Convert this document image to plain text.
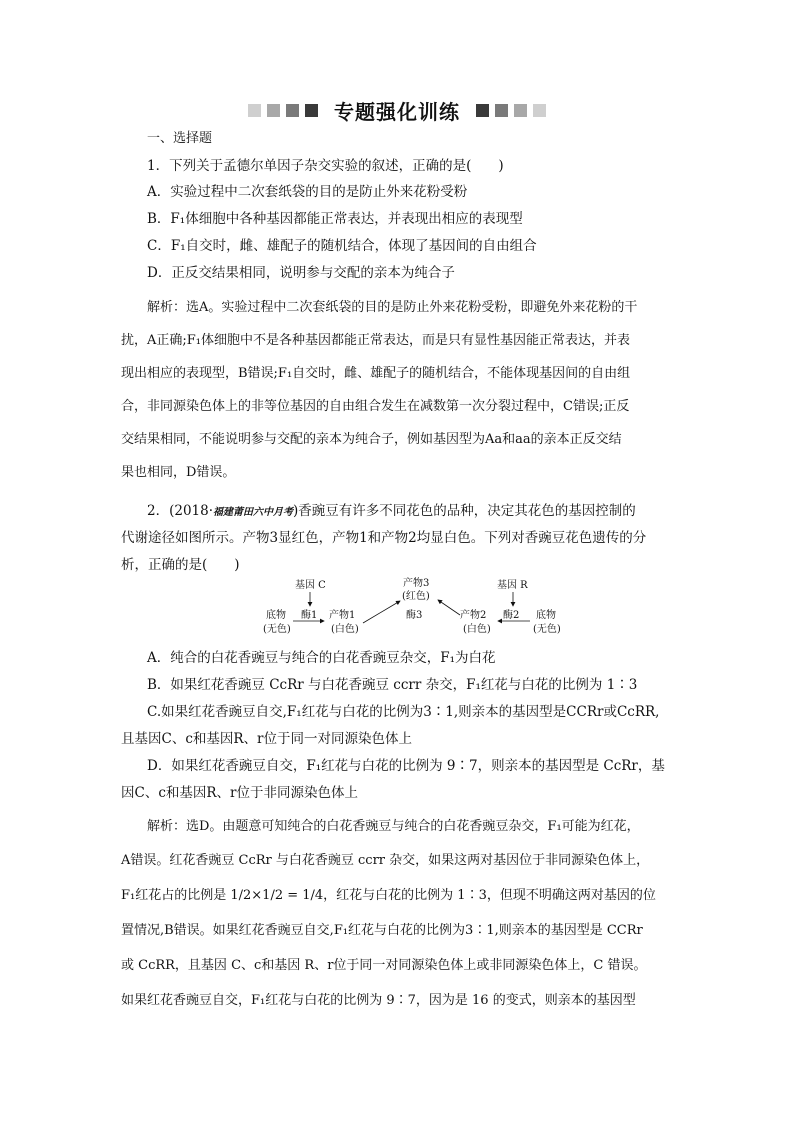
专题强化训练
一、选择题
1．下列关于孟德尔单因子杂交实验的叙述，正确的是(　　)
A．实验过程中二次套纸袋的目的是防止外来花粉受粉
B．F₁体细胞中各种基因都能正常表达，并表现出相应的表现型
C．F₁自交时，雌、雄配子的随机结合，体现了基因间的自由组合
D．正反交结果相同，说明参与交配的亲本为纯合子
解析：选A。实验过程中二次套纸袋的目的是防止外来花粉受粉，即避免外来花粉的干
扰，A正确;F₁体细胞中不是各种基因都能正常表达，而是只有显性基因能正常表达，并表
现出相应的表现型，B错误;F₁自交时，雌、雄配子的随机结合，不能体现基因间的自由组
合，非同源染色体上的非等位基因的自由组合发生在减数第一次分裂过程中，C错误;正反
交结果相同，不能说明参与交配的亲本为纯合子，例如基因型为Aa和aa的亲本正反交结
果也相同，D错误。
2．(2018·福建莆田六中月考)香豌豆有许多不同花色的品种，决定其花色的基因控制的
代谢途径如图所示。产物3显红色，产物1和产物2均显白色。下列对香豌豆花色遗传的分
析，正确的是(　　)
基因 C	基因 R
产物3
(红色)
底物
(无色)
酶1 产物1
(白色)
酶3	产物2
(白色)
酶2 底物
(无色)
A．纯合的白花香豌豆与纯合的白花香豌豆杂交，F₁为白花
B．如果红花香豌豆 CcRr 与白花香豌豆 ccrr 杂交，F₁红花与白花的比例为 1∶3
C.如果红花香豌豆自交,F₁红花与白花的比例为3∶1,则亲本的基因型是CCRr或CcRR,
且基因C、c和基因R、r位于同一对同源染色体上
D．如果红花香豌豆自交，F₁红花与白花的比例为 9∶7，则亲本的基因型是 CcRr，基
因C、c和基因R、r位于非同源染色体上
解析：选D。由题意可知纯合的白花香豌豆与纯合的白花香豌豆杂交，F₁可能为红花，
A错误。红花香豌豆 CcRr 与白花香豌豆 ccrr 杂交，如果这两对基因位于非同源染色体上，
F₁红花占的比例是 1/2×1/2 = 1/4，红花与白花的比例为 1∶3，但现不明确这两对基因的位
置情况,B错误。如果红花香豌豆自交,F₁红花与白花的比例为3∶1,则亲本的基因型是 CCRr
或 CcRR，且基因 C、c和基因 R、r位于同一对同源染色体上或非同源染色体上，C 错误。
如果红花香豌豆自交，F₁红花与白花的比例为 9∶7，因为是 16 的变式，则亲本的基因型
